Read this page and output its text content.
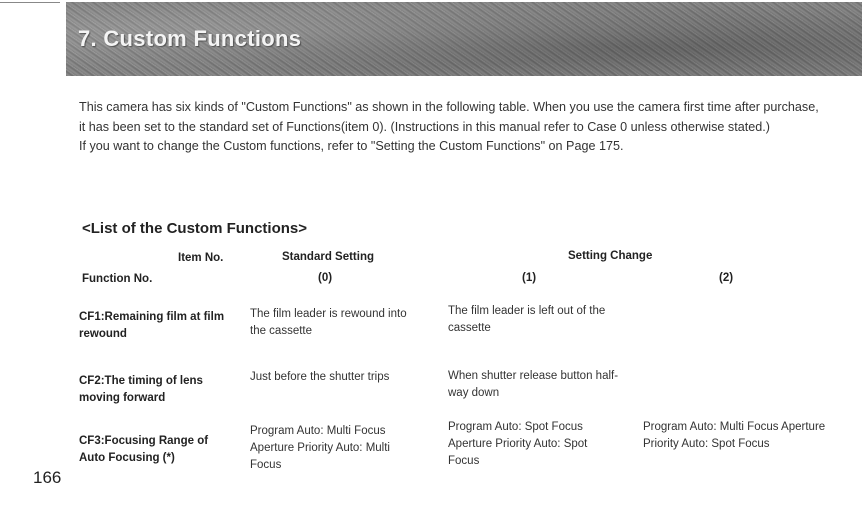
7. Custom Functions

This camera has six kinds of "Custom Functions" as shown in the following table. When you use the camera first time after purchase, it has been set to the standard set of Functions(item 0). (Instructions in this manual refer to Case 0 unless otherwise stated.)

If you want to change the Custom functions, refer to "Setting the Custom Functions" on Page 175.

<List of the Custom Functions>
Item No.
Function No.
Standard Setting
(0)
Setting Change
(1)	(2)
CF1:Remaining film at film rewound
The film leader is rewound into the cassette
The film leader is left out of the cassette
CF2:The timing of lens moving forward
Just before the shutter trips	When shutter release button half-way down
CF3:Focusing Range of Auto Focusing (*)
Program Auto: Multi Focus Aperture Priority Auto: Multi Focus
Program Auto: Spot Focus Aperture Priority Auto: Spot Focus
Program Auto: Multi Focus Aperture Priority Auto: Spot Focus
166
